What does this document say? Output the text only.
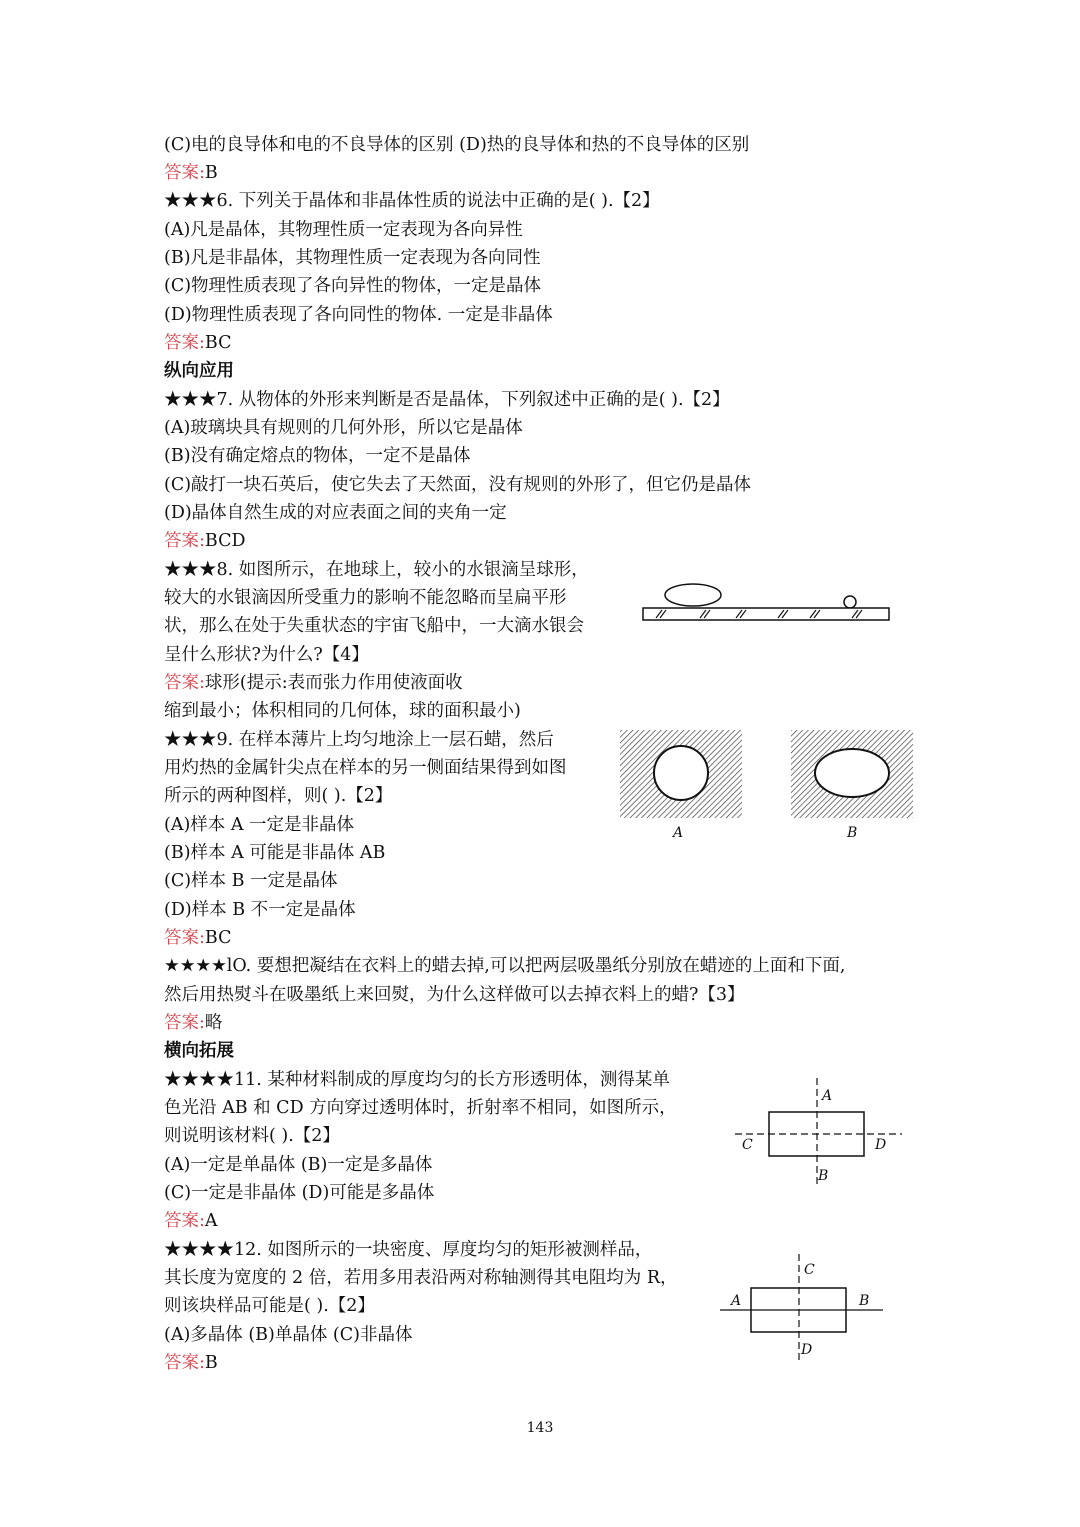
(C)电的良导体和电的不良导体的区别 (D)热的良导体和热的不良导体的区别
答案:B
★★★6. 下列关于晶体和非晶体性质的说法中正确的是( ).【2】
(A)凡是晶体，其物理性质一定表现为各向异性
(B)凡是非晶体，其物理性质一定表现为各向同性
(C)物理性质表现了各向异性的物体，一定是晶体
(D)物理性质表现了各向同性的物体. 一定是非晶体
答案:BC
纵向应用
★★★7. 从物体的外形来判断是否是晶体，下列叙述中正确的是( ).【2】
(A)玻璃块具有规则的几何外形，所以它是晶体
(B)没有确定熔点的物体，一定不是晶体
(C)敲打一块石英后，使它失去了天然面，没有规则的外形了，但它仍是晶体
(D)晶体自然生成的对应表面之间的夹角一定
答案:BCD
★★★8. 如图所示，在地球上，较小的水银滴呈球形，
较大的水银滴因所受重力的影响不能忽略而呈扁平形
状，那么在处于失重状态的宇宙飞船中，一大滴水银会
呈什么形状?为什么?【4】
答案:球形(提示:表而张力作用使液面收
缩到最小；体积相同的几何体，球的面积最小)
★★★9. 在样本薄片上均匀地涂上一层石蜡，然后
用灼热的金属针尖点在样本的另一侧面结果得到如图
所示的两种图样，则( ).【2】
(A)样本 A 一定是非晶体
(B)样本 A 可能是非晶体 AB
(C)样本 B 一定是晶体
(D)样本 B 不一定是晶体
答案:BC
★★★★lO. 要想把凝结在衣料上的蜡去掉,可以把两层吸墨纸分别放在蜡迹的上面和下面,
然后用热熨斗在吸墨纸上来回熨，为什么这样做可以去掉衣料上的蜡?【3】
答案:略
横向拓展
★★★★11. 某种材料制成的厚度均匀的长方形透明体，测得某单
色光沿 AB 和 CD 方向穿过透明体时，折射率不相同，如图所示，
则说明该材料( ).【2】
(A)一定是单晶体 (B)一定是多晶体
(C)一定是非晶体 (D)可能是多晶体
答案:A
★★★★12. 如图所示的一块密度、厚度均匀的矩形被测样品，
其长度为宽度的 2 倍，若用多用表沿两对称轴测得其电阻均为 R，
则该块样品可能是( ).【2】
(A)多晶体 (B)单晶体 (C)非晶体
答案:B
A	B
A
B
C	D
C
D
A	B
143
